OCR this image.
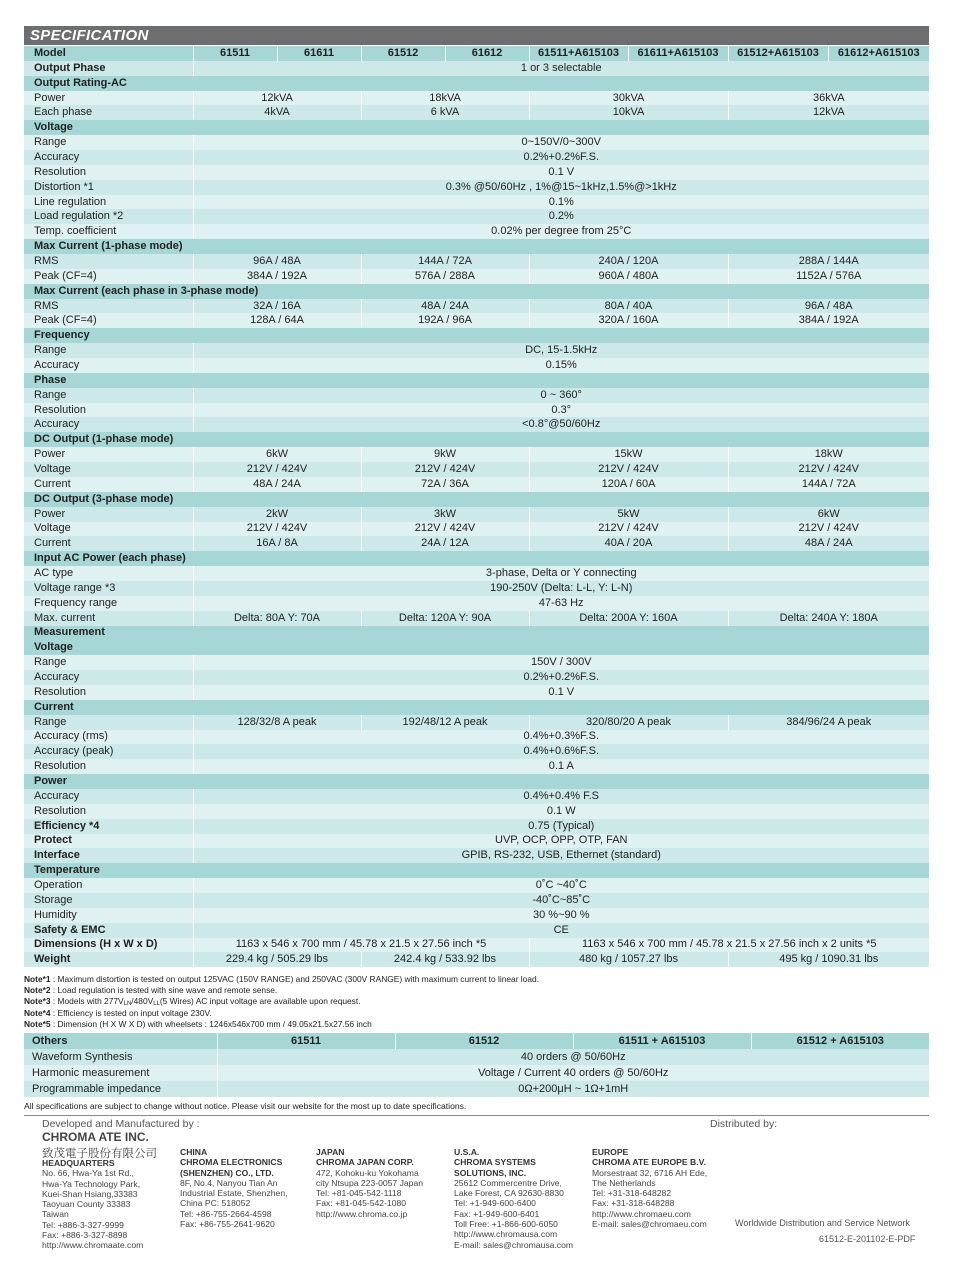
SPECIFICATION
Model	61511	61611	61512	61612	61511+A615103	61611+A615103	61512+A615103	61612+A615103
Output Phase	1 or 3 selectable							
Output Rating-AC								
Power	12kVA		18kVA		30kVA		36kVA	
Each phase	4kVA		6 kVA		10kVA		12kVA	
Voltage								
Range	0~150V/0~300V							
Accuracy	0.2%+0.2%F.S.							
Resolution	0.1 V							
Distortion *1	0.3% @50/60Hz , 1%@15~1kHz,1.5%@>1kHz							
Line regulation	0.1%							
Load regulation *2	0.2%							
Temp. coefficient	0.02% per degree from 25°C							
Max Current (1-phase mode)								
RMS	96A / 48A		144A / 72A		240A / 120A		288A / 144A	
Peak (CF=4)	384A / 192A		576A / 288A		960A / 480A		1152A / 576A	
Max Current (each phase in 3-phase mode)								
RMS	32A / 16A		48A / 24A		80A / 40A		96A / 48A	
Peak (CF=4)	128A / 64A		192A / 96A		320A / 160A		384A / 192A	
Frequency								
Range	DC, 15-1.5kHz							
Accuracy	0.15%							
Phase								
Range	0 ~ 360°							
Resolution	0.3°							
Accuracy	<0.8°@50/60Hz							
DC Output (1-phase mode)								
Power	6kW		9kW		15kW		18kW	
Voltage	212V / 424V		212V / 424V		212V / 424V		212V / 424V	
Current	48A / 24A		72A / 36A		120A / 60A		144A / 72A	
DC Output (3-phase mode)								
Power	2kW		3kW		5kW		6kW	
Voltage	212V / 424V		212V / 424V		212V / 424V		212V / 424V	
Current	16A / 8A		24A / 12A		40A / 20A		48A / 24A	
Input AC Power (each phase)								
AC type	3-phase, Delta or Y connecting							
Voltage range *3	190-250V (Delta: L-L, Y: L-N)							
Frequency range	47-63 Hz							
Max. current	Delta: 80A Y: 70A		Delta: 120A Y: 90A		Delta: 200A Y: 160A		Delta: 240A Y: 180A	
Measurement								
Voltage								
Range	150V / 300V							
Accuracy	0.2%+0.2%F.S.							
Resolution	0.1 V							
Current								
Range	128/32/8 A peak		192/48/12 A peak		320/80/20 A peak		384/96/24 A peak	
Accuracy (rms)	0.4%+0.3%F.S.							
Accuracy (peak)	0.4%+0.6%F.S.							
Resolution	0.1 A							
Power								
Accuracy	0.4%+0.4% F.S							
Resolution	0.1 W							
Efficiency *4	0.75 (Typical)							
Protect	UVP, OCP, OPP, OTP, FAN							
Interface	GPIB, RS-232, USB, Ethernet (standard)							
Temperature								
Operation	0˚C ~40˚C							
Storage	-40˚C~85˚C							
Humidity	30 %~90 %							
Safety & EMC	CE							
Dimensions (H x W x D)	1163 x 546 x 700 mm / 45.78 x 21.5 x 27.56 inch *5				1163 x 546 x 700 mm / 45.78 x 21.5 x 27.56 inch x 2 units *5			
Weight	229.4 kg / 505.29 lbs		242.4 kg / 533.92 lbs		480 kg / 1057.27 lbs		495 kg / 1090.31 lbs	
Note*1 : Maximum distortion is tested on output 125VAC (150V RANGE) and 250VAC (300V RANGE) with maximum current to linear load.
Note*2 : Load regulation is tested with sine wave and remote sense.
Note*3 : Models with $277V_{LN}/480V_{LL}(5$ Wires) AC input voltage are available upon request.
Note*4 : Efficiency is tested on input voltage 230V.
Note*5 : Dimension (H X W X D) with wheelsets : 1246x546x700 mm / 49.05x21.5x27.56 inch
Others	61511	61512	61511 + A615103	61512 + A615103
Waveform Synthesis	40 orders @ 50/60Hz			
Harmonic measurement	Voltage / Current 40 orders @ 50/60Hz			
Programmable impedance	0Ω+200μH ~ 1Ω+1mH			
All specifications are subject to change without notice. Please visit our website for the most up to date specifications.
Developed and Manufactured by :
CHROMA ATE INC.
致茂電子股份有限公司
Distributed by:
Worldwide Distribution and Service Network
61512-E-201102-E-PDF
HEADQUARTERS
No. 66, Hwa-Ya 1st Rd.,
Hwa-Ya Technology Park,
Kuei-Shan Hsiang,33383
Taoyuan County 33383
Taiwan
Tel: +886-3-327-9999
Fax: +886-3-327-8898
http://www.chromaate.com
CHINA
CHROMA ELECTRONICS
(SHENZHEN) CO., LTD.
8F, No.4, Nanyou Tian An
Industrial Estate, Shenzhen,
China PC: 518052
Tel: +86-755-2664-4598
Fax: +86-755-2641-9620
JAPAN
CHROMA JAPAN CORP.
472, Kohoku-ku Yokohama
city Ntsupa 223-0057 Japan
Tel: +81-045-542-1118
Fax: +81-045-542-1080
http://www.chroma.co.jp
U.S.A.
CHROMA SYSTEMS
SOLUTIONS, INC.
25612 Commercentre Drive,
Lake Forest, CA 92630-8830
Tel: +1-949-600-6400
Fax: +1-949-600-6401
Toll Free: +1-866-600-6050
http://www.chromausa.com
E-mail: sales@chromausa.com
EUROPE
CHROMA ATE EUROPE B.V.
Morsestraat 32, 6716 AH Ede,
The Netherlands
Tel: +31-318-648282
Fax: +31-318-648288
http://www.chromaeu.com
E-mail: sales@chromaeu.com
